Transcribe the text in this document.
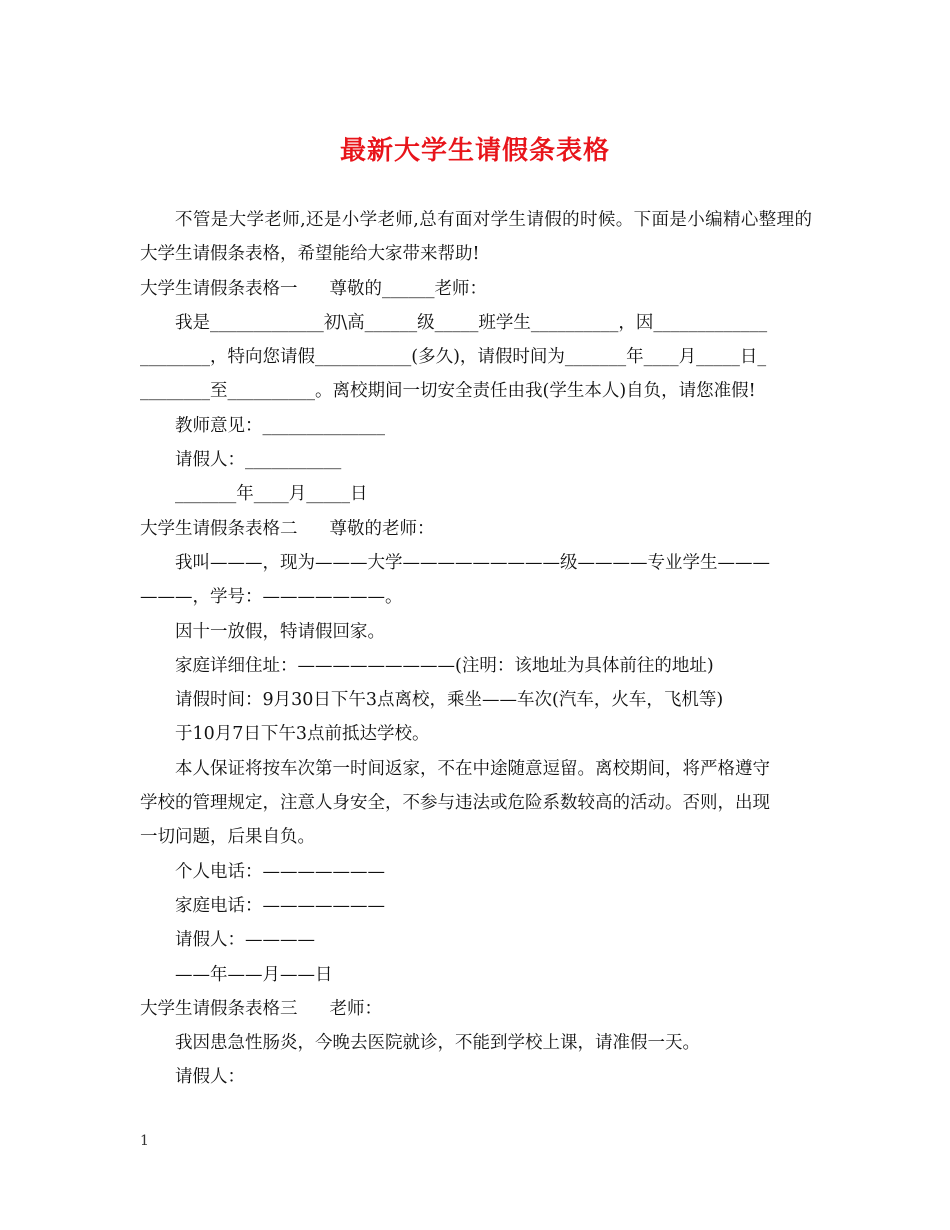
最新大学生请假条表格

不管是大学老师,还是小学老师,总有面对学生请假的时候。下面是小编精心整理的大学生请假条表格，希望能给大家带来帮助!

大学生请假条表格一 尊敬的______老师：

我是_____________初\高______级_____班学生__________，因_____________

________，特向您请假___________(多久)，请假时间为_______年____月_____日_

________至__________。离校期间一切安全责任由我(学生本人)自负，请您准假!

教师意见：______________

请假人：___________

_______年____月_____日

大学生请假条表格二 尊敬的老师：

我叫———，现为———大学—————————级————专业学生———

———，学号：———————。

因十一放假，特请假回家。

家庭详细住址：—————————(注明：该地址为具体前往的地址)

请假时间：9月30日下午3点离校，乘坐——车次(汽车，火车，飞机等)

于10月7日下午3点前抵达学校。

本人保证将按车次第一时间返家，不在中途随意逗留。离校期间，将严格遵守

学校的管理规定，注意人身安全，不参与违法或危险系数较高的活动。否则，出现

一切问题，后果自负。

个人电话：———————

家庭电话：———————

请假人：————

——年——月——日

大学生请假条表格三 老师：

我因患急性肠炎，今晚去医院就诊，不能到学校上课，请准假一天。

请假人：

1
